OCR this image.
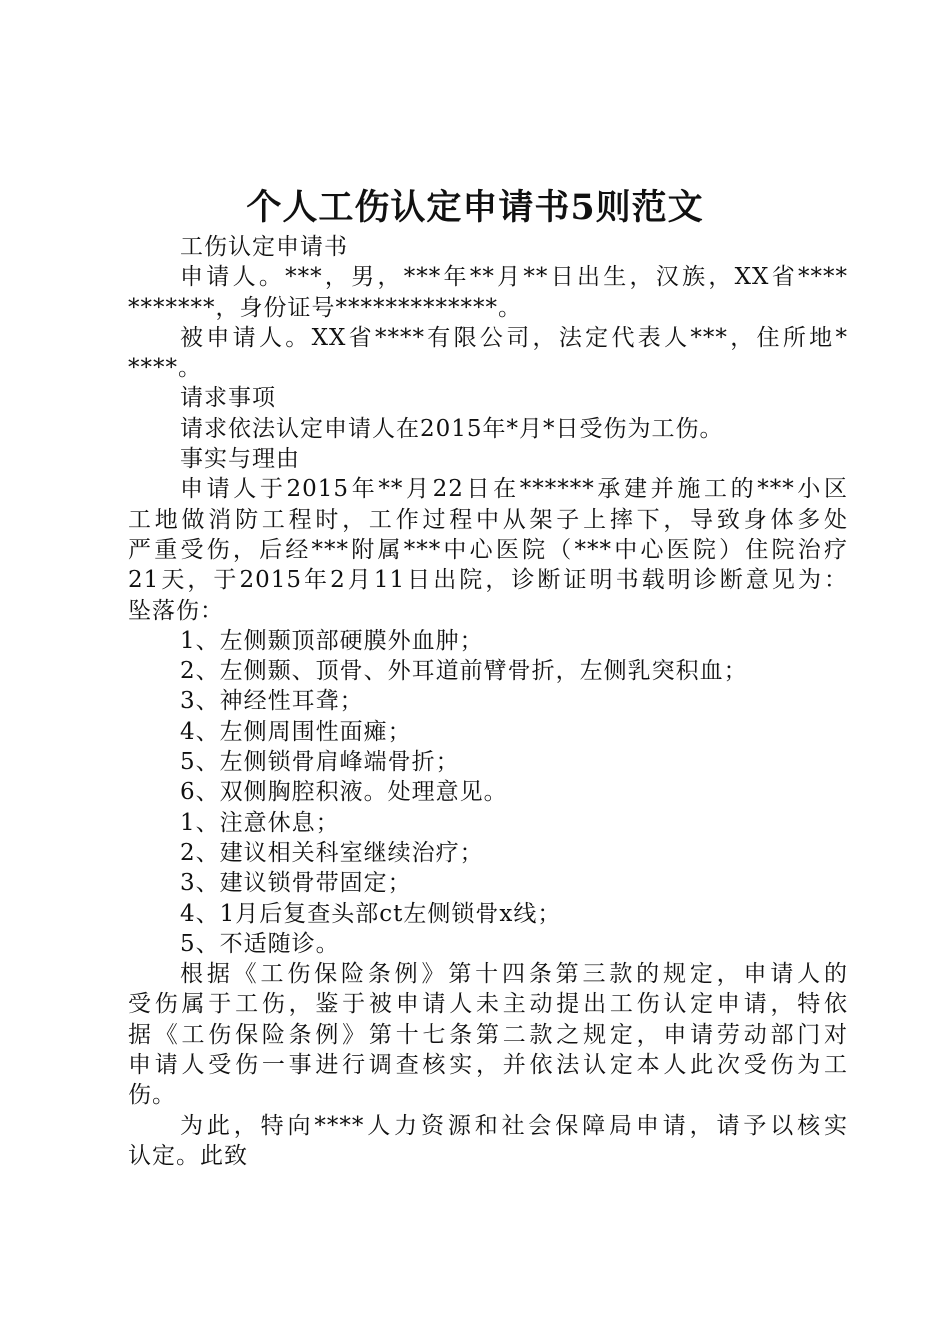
个人工伤认定申请书5则范文
工伤认定申请书
申请人。***，男，***年**月**日出生，汉族，XX省****
*******，身份证号*************。
被申请人。XX省****有限公司，法定代表人***，住所地*
****。
请求事项
请求依法认定申请人在2015年*月*日受伤为工伤。
事实与理由
申请人于2015年**月22日在******承建并施工的***小区
工地做消防工程时，工作过程中从架子上摔下，导致身体多处
严重受伤，后经***附属***中心医院（***中心医院）住院治疗
21天，于2015年2月11日出院，诊断证明书载明诊断意见为：
坠落伤：
1、左侧颞顶部硬膜外血肿；
2、左侧颞、顶骨、外耳道前臂骨折，左侧乳突积血；
3、神经性耳聋；
4、左侧周围性面瘫；
5、左侧锁骨肩峰端骨折；
6、双侧胸腔积液。处理意见。
1、注意休息；
2、建议相关科室继续治疗；
3、建议锁骨带固定；
4、1月后复查头部ct左侧锁骨x线；
5、不适随诊。
根据《工伤保险条例》第十四条第三款的规定，申请人的
受伤属于工伤，鉴于被申请人未主动提出工伤认定申请，特依
据《工伤保险条例》第十七条第二款之规定，申请劳动部门对
申请人受伤一事进行调查核实，并依法认定本人此次受伤为工
伤。
为此，特向****人力资源和社会保障局申请，请予以核实
认定。此致
